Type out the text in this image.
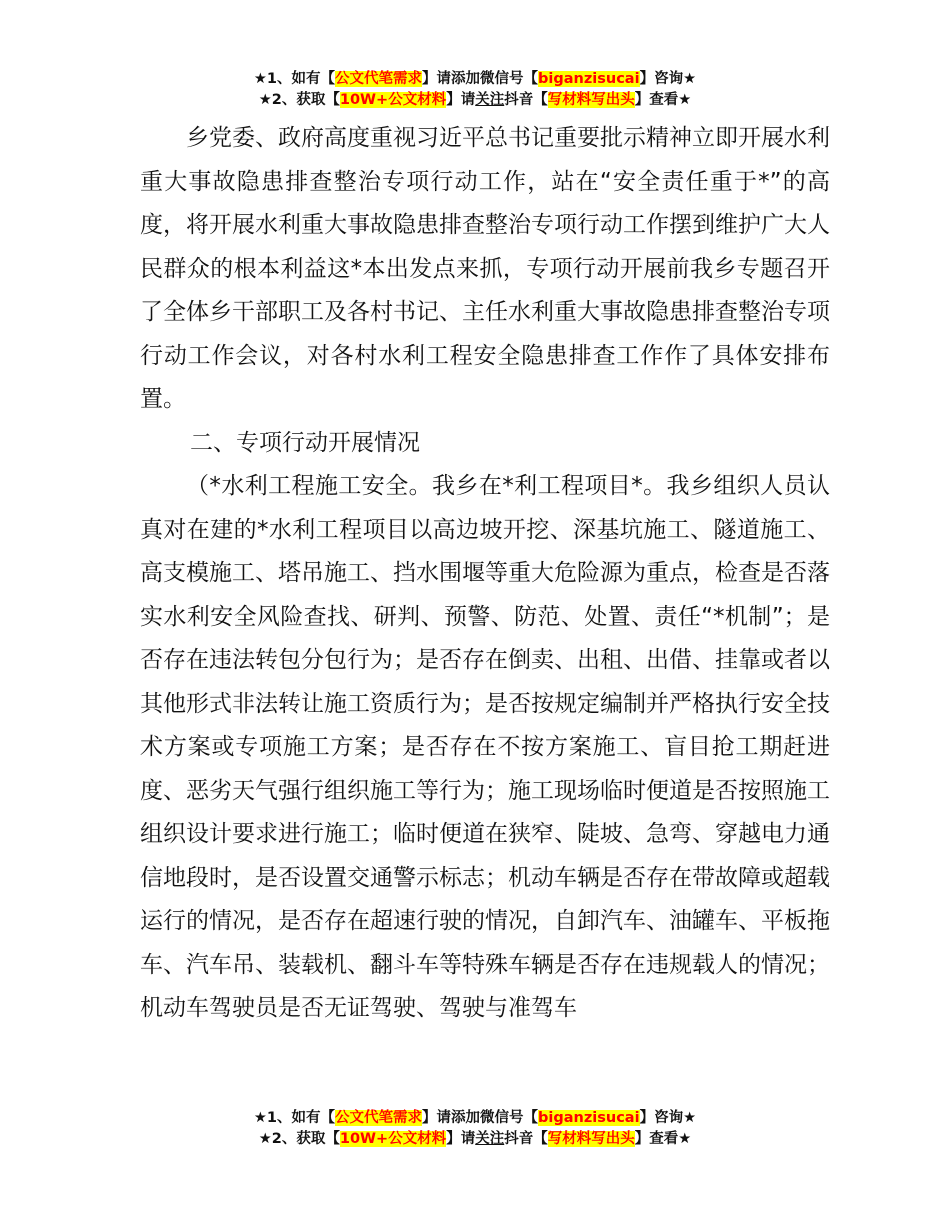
★1、如有【公文代笔需求】请添加微信号【biganzisucai】咨询★
★2、获取【10W+公文材料】请关注抖音【写材料写出头】查看★

乡党委、政府高度重视习近平总书记重要批示精神立即开展水利重大事故隐患排查整治专项行动工作，站在“安全责任重于*”的高度，将开展水利重大事故隐患排查整治专项行动工作摆到维护广大人民群众的根本利益这*本出发点来抓，专项行动开展前我乡专题召开了全体乡干部职工及各村书记、主任水利重大事故隐患排查整治专项行动工作会议，对各村水利工程安全隐患排查工作作了具体安排布置。

二、专项行动开展情况

（*水利工程施工安全。我乡在*利工程项目*。我乡组织人员认真对在建的*水利工程项目以高边坡开挖、深基坑施工、隧道施工、高支模施工、塔吊施工、挡水围堰等重大危险源为重点，检查是否落实水利安全风险查找、研判、预警、防范、处置、责任“*机制”；是否存在违法转包分包行为；是否存在倒卖、出租、出借、挂靠或者以其他形式非法转让施工资质行为；是否按规定编制并严格执行安全技术方案或专项施工方案；是否存在不按方案施工、盲目抢工期赶进度、恶劣天气强行组织施工等行为；施工现场临时便道是否按照施工组织设计要求进行施工；临时便道在狭窄、陡坡、急弯、穿越电力通信地段时，是否设置交通警示标志；机动车辆是否存在带故障或超载运行的情况，是否存在超速行驶的情况，自卸汽车、油罐车、平板拖车、汽车吊、装载机、翻斗车等特殊车辆是否存在违规载人的情况；机动车驾驶员是否无证驾驶、驾驶与准驾车

★1、如有【公文代笔需求】请添加微信号【biganzisucai】咨询★
★2、获取【10W+公文材料】请关注抖音【写材料写出头】查看★
